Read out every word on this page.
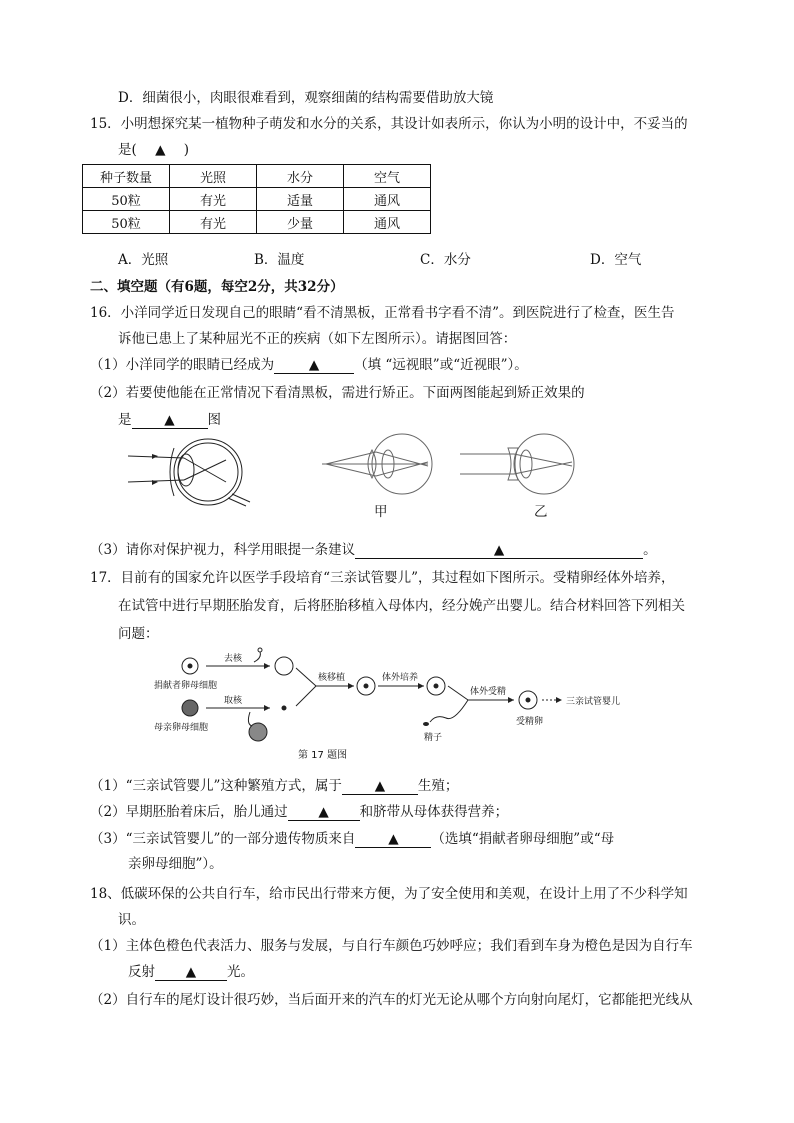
D．细菌很小，肉眼很难看到，观察细菌的结构需要借助放大镜
15．小明想探究某一植物种子萌发和水分的关系，其设计如表所示，你认为小明的设计中，不妥当的
是( ▲ )
种子数量	光照	水分	空气
50粒	有光	适量	通风
50粒	有光	少量	通风
A．光照	B．温度	C．水分	D．空气
二、填空题（有6题，每空2分，共32分）
16．小洋同学近日发现自己的眼睛“看不清黑板，正常看书字看不清”。到医院进行了检查，医生告
诉他已患上了某种屈光不正的疾病（如下左图所示）。请据图回答：
（1）小洋同学的眼睛已经成为	▲	（填 “远视眼”或“近视眼”）。
（2）若要使他能在正常情况下看清黑板，需进行矫正。下面两图能起到矫正效果的
是 ▲ 图
甲	乙
（3）请你对保护视力，科学用眼提一条建议	▲	。
17．目前有的国家允许以医学手段培育“三亲试管婴儿”，其过程如下图所示。受精卵经体外培养，
在试管中进行早期胚胎发育，后将胚胎移植入母体内，经分娩产出婴儿。结合材料回答下列相关
问题：
去核
捐献者卵母细胞
取核
母亲卵母细胞
核移植	体外培养
体外受精
精子
受精卵
三亲试管婴儿
第 17 题图
（1）“三亲试管婴儿”这种繁殖方式，属于 ▲ 生殖；
（2）早期胚胎着床后，胎儿通过 ▲ 和脐带从母体获得营养；
（3）“三亲试管婴儿”的一部分遗传物质来自 ▲ （选填“捐献者卵母细胞”或“母
亲卵母细胞”）。
18、低碳环保的公共自行车，给市民出行带来方便，为了安全使用和美观，在设计上用了不少科学知
识。
（1）主体色橙色代表活力、服务与发展，与自行车颜色巧妙呼应；我们看到车身为橙色是因为自行车
反射 ▲ 光。
（2）自行车的尾灯设计很巧妙，当后面开来的汽车的灯光无论从哪个方向射向尾灯，它都能把光线从
